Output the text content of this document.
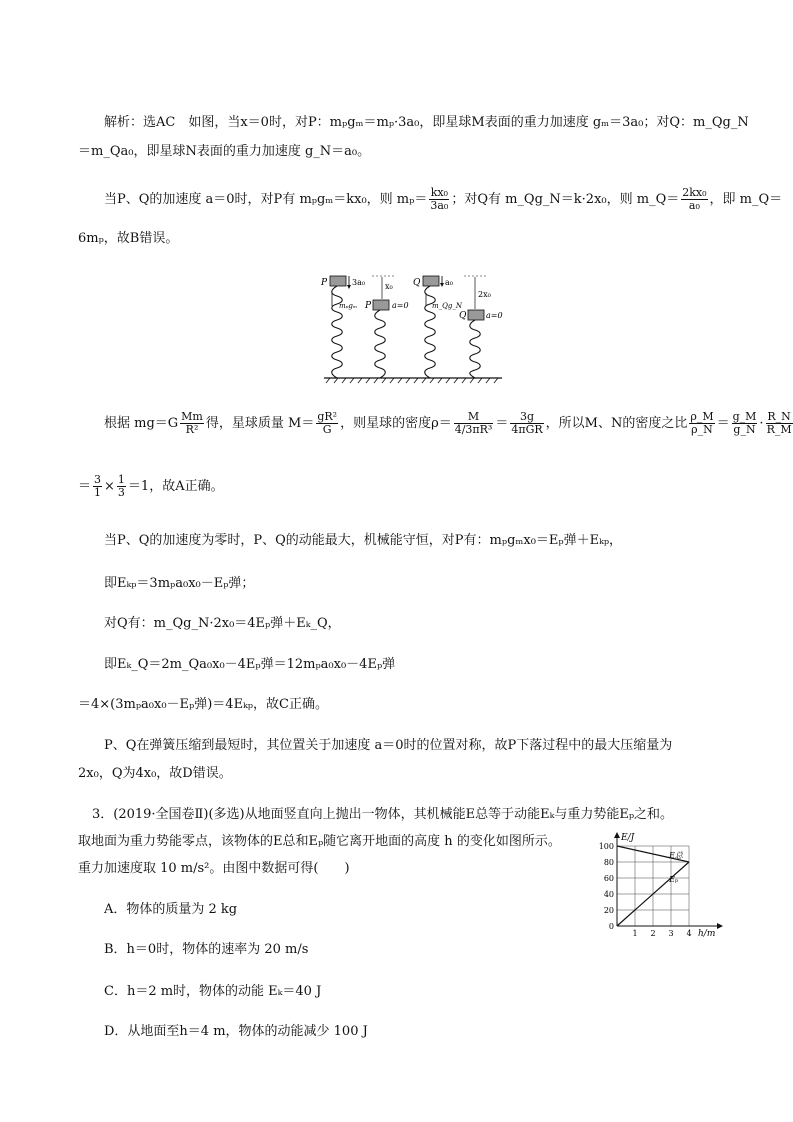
解析：选AC　如图，当x＝0时，对P：mₚgₘ＝mₚ·3a₀，即星球M表面的重力加速度 gₘ＝3a₀；对Q：m_Qg_N
＝m_Qa₀，即星球N表面的重力加速度 g_N＝a₀。
当P、Q的加速度 a＝0时，对P有 mₚgₘ＝kx₀，则 $m_p= \frac{\text{kx₀}}{\text{3a₀}}$ ；对Q有 m_Qg_N＝k·2x₀，则 m_Q＝ $\frac{\text{2kx₀}}{\text{a₀}}$ ，即 m_Q＝
6mₚ，故B错误。
P	3a₀
P
x₀
a=0
mₚgₘ
Q	a₀
m_Qg_N
2x₀
Q a=0
根据 $mg=G \frac{Mm}{\text{R²}}$ 得，星球质量 $M= \frac{\text{gR²}}{G}$ ，则星球的密度$\rho= \frac{M}{\text{4/3πR³}} = \frac{3g}{\text{4πGR}}$ ，所以M、N的密度之比 $\frac{\rho\_M}{\rho\_N} = \frac{g\_M}{g\_N} \cdot \frac{R\_N}{R\_M}$
＝ $\frac{3}{1} \times \frac{1}{3} =1$，故A正确。
当P、Q的加速度为零时，P、Q的动能最大，机械能守恒，对P有：mₚgₘx₀＝Eₚ弹＋Eₖₚ，
即Eₖₚ＝3mₚa₀x₀－Eₚ弹；
对Q有：m_Qg_N·2x₀＝4Eₚ弹＋Eₖ_Q，
即Eₖ_Q＝2m_Qa₀x₀－4Eₚ弹＝12mₚa₀x₀－4Eₚ弹
＝4×(3mₚa₀x₀－Eₚ弹)＝4Eₖₚ，故C正确。
P、Q在弹簧压缩到最短时，其位置关于加速度 a＝0时的位置对称，故P下落过程中的最大压缩量为
2x₀，Q为4x₀，故D错误。
3．(2019·全国卷Ⅱ)(多选)从地面竖直向上抛出一物体，其机械能E总等于动能Eₖ与重力势能Eₚ之和。
取地面为重力势能零点，该物体的E总和Eₚ随它离开地面的高度 h 的变化如图所示。
重力加速度取 10 m/s²。由图中数据可得(　　)
A．物体的质量为 2 kg
B．h＝0时，物体的速率为 20 m/s
C．h＝2 m时，物体的动能 Eₖ＝40 J
D．从地面至h＝4 m，物体的动能减少 100 J
0
20
40
60
80
100
1 2 3 4
E总
Eₚ
E/J
h/m
